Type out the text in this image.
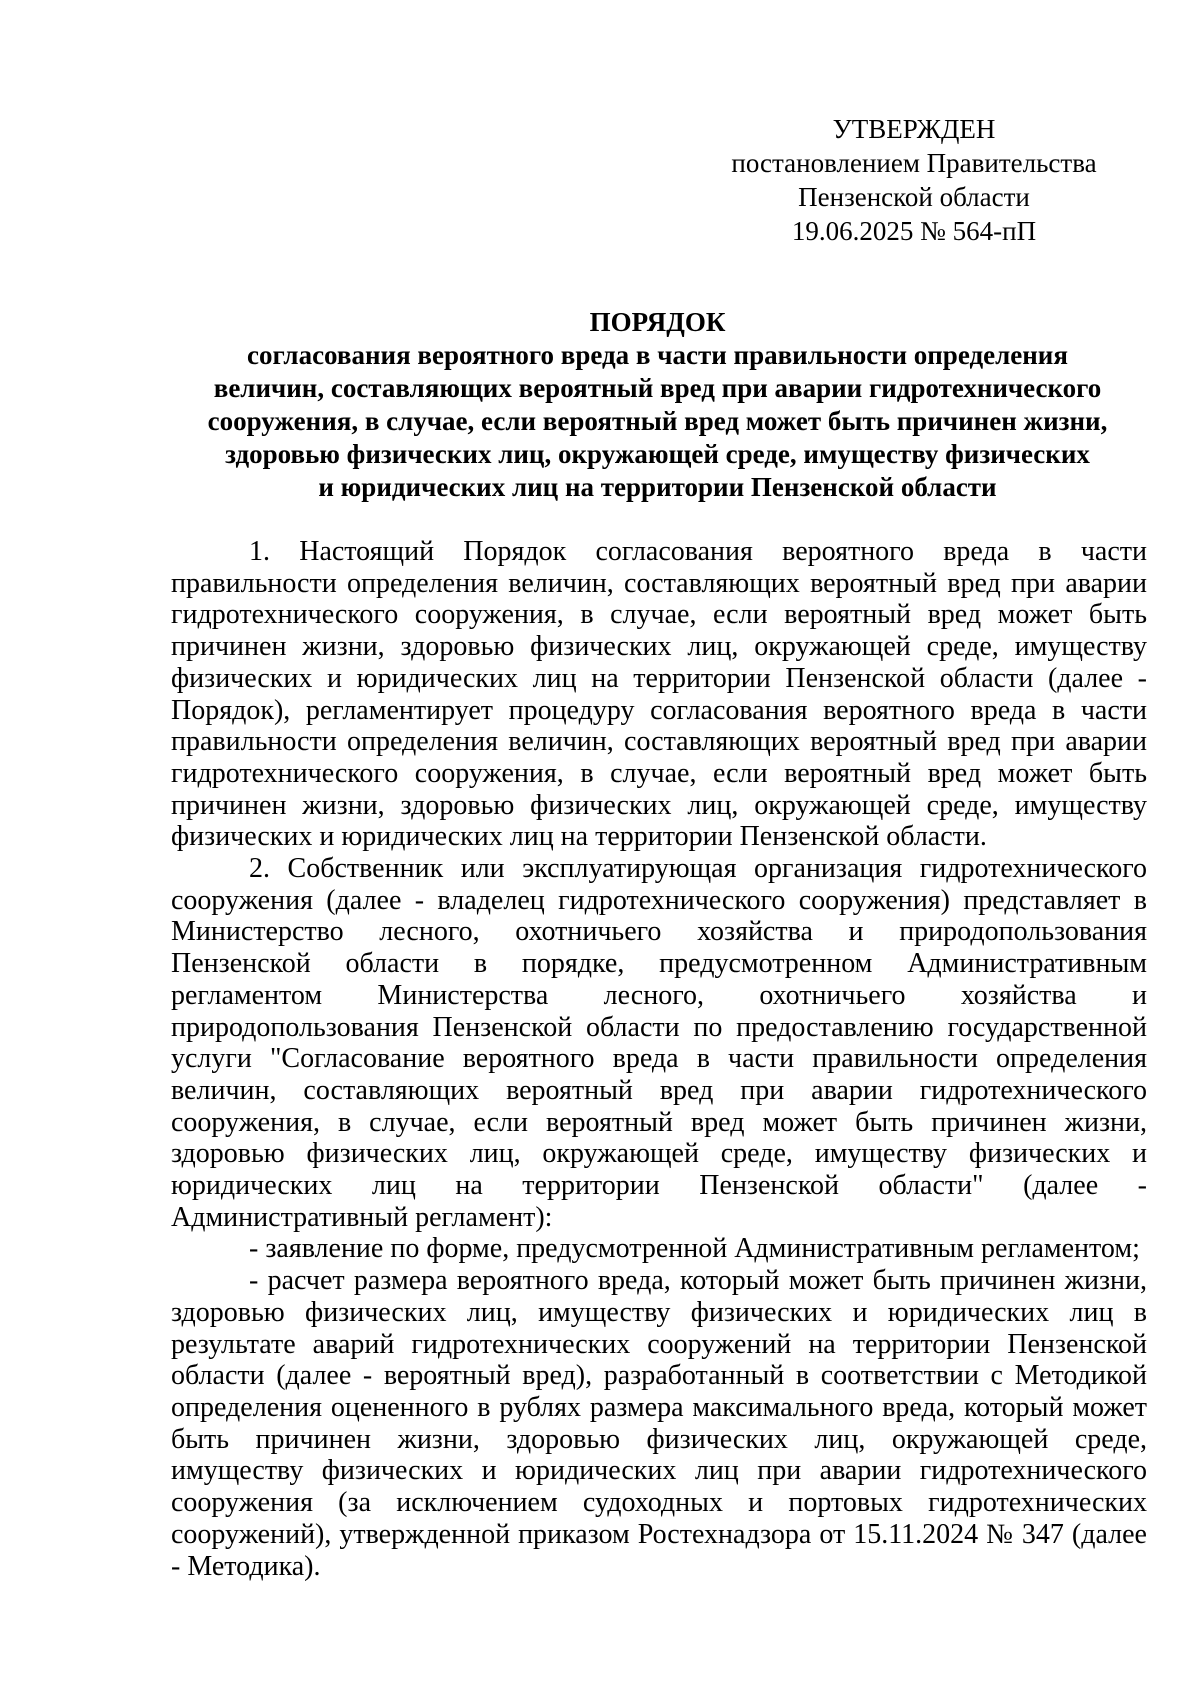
УТВЕРЖДЕН
постановлением Правительства
Пензенской области
19.06.2025 № 564-пП
ПОРЯДОК
согласования вероятного вреда в части правильности определения
величин, составляющих вероятный вред при аварии гидротехнического
сооружения, в случае, если вероятный вред может быть причинен жизни,
здоровью физических лиц, окружающей среде, имуществу физических
и юридических лиц на территории Пензенской области

1. Настоящий Порядок согласования вероятного вреда в части правильности определения величин, составляющих вероятный вред при аварии гидротехнического сооружения, в случае, если вероятный вред может быть причинен жизни, здоровью физических лиц, окружающей среде, имуществу физических и юридических лиц на территории Пензенской области (далее - Порядок), регламентирует процедуру согласования вероятного вреда в части правильности определения величин, составляющих вероятный вред при аварии гидротехнического сооружения, в случае, если вероятный вред может быть причинен жизни, здоровью физических лиц, окружающей среде, имуществу физических и юридических лиц на территории Пензенской области.

2. Собственник или эксплуатирующая организация гидротехнического сооружения (далее - владелец гидротехнического сооружения) представляет в Министерство лесного, охотничьего хозяйства и природопользования Пензенской области в порядке, предусмотренном Административным регламентом Министерства лесного, охотничьего хозяйства и природопользования Пензенской области по предоставлению государственной услуги "Согласование вероятного вреда в части правильности определения величин, составляющих вероятный вред при аварии гидротехнического сооружения, в случае, если вероятный вред может быть причинен жизни, здоровью физических лиц, окружающей среде, имуществу физических и юридических лиц на территории Пензенской области" (далее - Административный регламент):

- заявление по форме, предусмотренной Административным регламентом;

- расчет размера вероятного вреда, который может быть причинен жизни, здоровью физических лиц, имуществу физических и юридических лиц в результате аварий гидротехнических сооружений на территории Пензенской области (далее - вероятный вред), разработанный в соответствии с Методикой определения оцененного в рублях размера максимального вреда, который может быть причинен жизни, здоровью физических лиц, окружающей среде, имуществу физических и юридических лиц при аварии гидротехнического сооружения (за исключением судоходных и портовых гидротехнических сооружений), утвержденной приказом Ростехнадзора от 15.11.2024 № 347 (далее - Методика).
